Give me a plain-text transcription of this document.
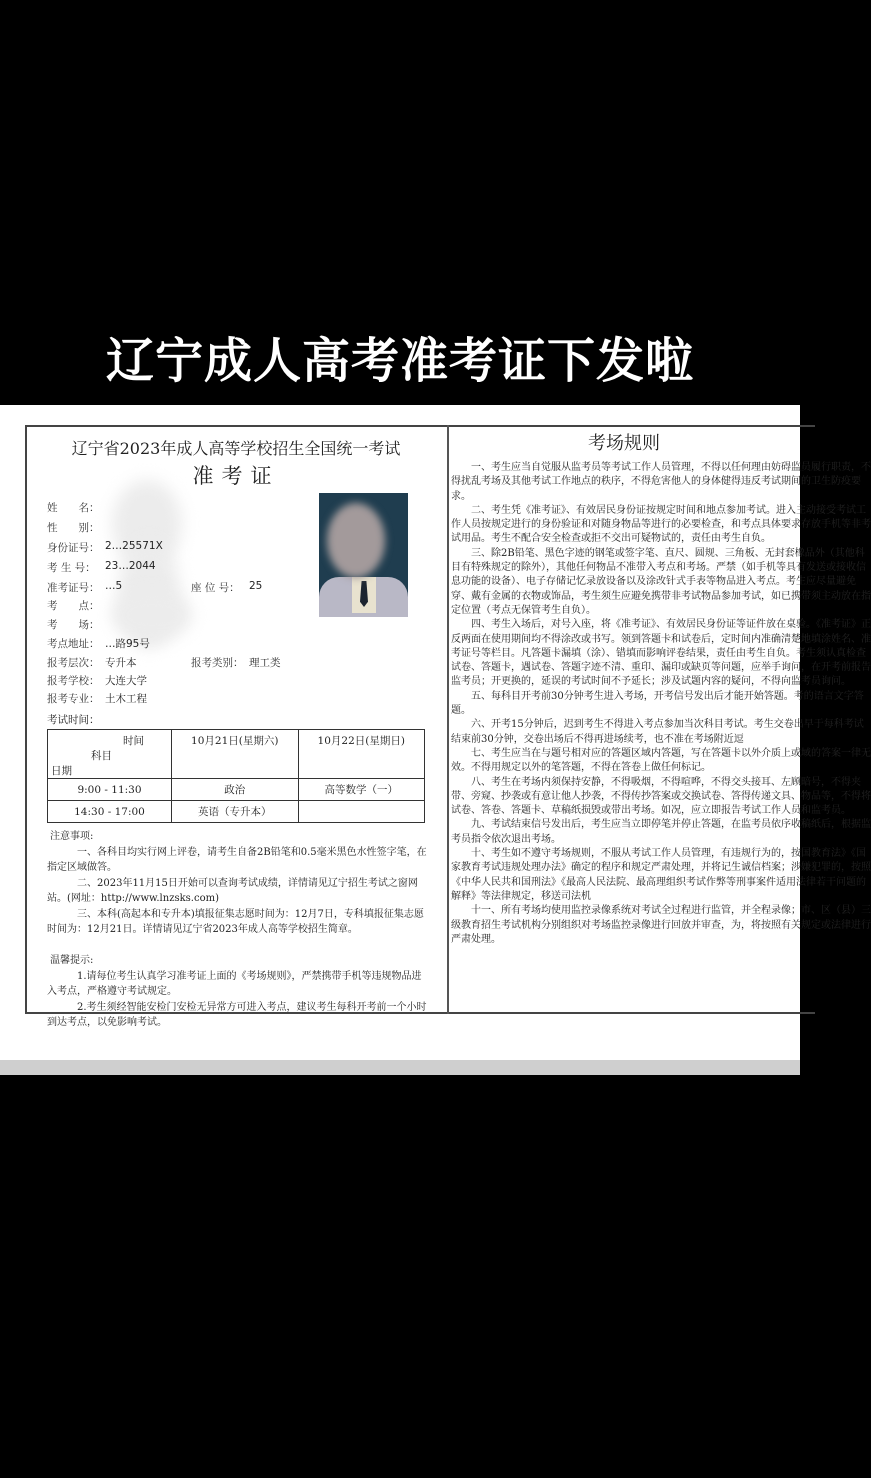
辽宁成人高考准考证下发啦
辽宁省2023年成人高等学校招生全国统一考试
准考证
姓　　名：
性　　别：
身份证号： 2…25571X
考 生 号： 23…2044
准考证号： …5
考　　点：
考　　场：
考点地址： …路95号
报考层次： 专升本
报考学校： 大连大学
报考专业： 土木工程
座 位 号： 25
报考类别： 理工类
考试时间：
时间
科目
日期	10月21日(星期六)	10月22日(星期日)
9:00 - 11:30	政治	高等数学（一）
14:30 - 17:00	英语（专升本）	
注意事项:

一、各科目均实行网上评卷，请考生自备2B铅笔和0.5毫米黑色水性签字笔，在指定区域做答。

二、2023年11月15日开始可以查询考试成绩，详情请见辽宁招生考试之窗网站。(网址：http://www.lnzsks.com)

三、本科(高起本和专升本)填报征集志愿时间为：12月7日，专科填报征集志愿时间为：12月21日。详情请见辽宁省2023年成人高等学校招生简章。

温馨提示:

1.请每位考生认真学习准考证上面的《考场规则》，严禁携带手机等违规物品进入考点，严格遵守考试规定。

2.考生须经智能安检门安检无异常方可进入考点，建议考生每科开考前一个小时到达考点，以免影响考试。

考场规则

一、考生应当自觉服从监考员等考试工作人员管理，不得以任何理由妨碍监员履行职责，不得扰乱考场及其他考试工作地点的秩序，不得危害他人的身体健得违反考试期间的卫生防疫要求。

二、考生凭《准考证》、有效居民身份证按规定时间和地点参加考试。进入主动接受考试工作人员按规定进行的身份验证和对随身物品等进行的必要检查，和考点具体要求存放手机等非考试用品。考生不配合安全检查或拒不交出可疑物试的，责任由考生自负。

三、除2B铅笔、黑色字迹的钢笔或签字笔、直尺、圆规、三角板、无封套橡品外（其他科目有特殊规定的除外），其他任何物品不准带入考点和考场。严禁（如手机等具有发送或接收信息功能的设备）、电子存储记忆录放设备以及涂改针式手表等物品进入考点。考生应尽量避免穿、戴有金属的衣物或饰品，考生须生应避免携带非考试物品参加考试，如已携带须主动放在指定位置（考点无保管考生自负）。

四、考生入场后，对号入座，将《准考证》、有效居民身份证等证件放在桌验。《准考证》正反两面在使用期间均不得涂改或书写。领到答题卡和试卷后，定时间内准确清楚地填涂姓名、准考证号等栏目。凡答题卡漏填（涂）、错填而影响评卷结果，责任由考生自负。考生须认真检查试卷、答题卡，遇试卷、答题字迹不清、重印、漏印或缺页等问题，应举手询问，在开考前报告监考员；开更换的，延误的考试时间不予延长；涉及试题内容的疑问，不得向监考员询问。

五、每科目开考前30分钟考生进入考场，开考信号发出后才能开始答题。考的语言文字答题。

六、开考15分钟后，迟到考生不得进入考点参加当次科目考试。考生交卷出早于每科考试结束前30分钟，交卷出场后不得再进场续考，也不准在考场附近逗

七、考生应当在与题号相对应的答题区域内答题，写在答题卡以外介质上或域的答案一律无效。不得用规定以外的笔答题，不得在答卷上做任何标记。

八、考生在考场内须保持安静，不得吸烟，不得喧哗，不得交头接耳、左顾暗号，不得夹带、旁窥、抄袭或有意让他人抄袭，不得传抄答案或交换试卷、答得传递文具、物品等，不得将试卷、答卷、答题卡、草稿纸损毁或带出考场。如况，应立即报告考试工作人员和监考员。

九、考试结束信号发出后，考生应当立即停笔并停止答题，在监考员依序收稿纸后，根据监考员指令依次退出考场。

十、考生如不遵守考场规则，不服从考试工作人员管理，有违规行为的，按国教育法》《国家教育考试违规处理办法》确定的程序和规定严肃处理，并将记生诚信档案；涉嫌犯罪的，按照《中华人民共和国刑法》《最高人民法院、最高理组织考试作弊等刑事案件适用法律若干问题的解释》等法律规定，移送司法机

十一、所有考场均使用监控录像系统对考试全过程进行监管，并全程录像；市、区（县）三级教育招生考试机构分别组织对考场监控录像进行回放并审查，为，将按照有关规定或法律进行严肃处理。
